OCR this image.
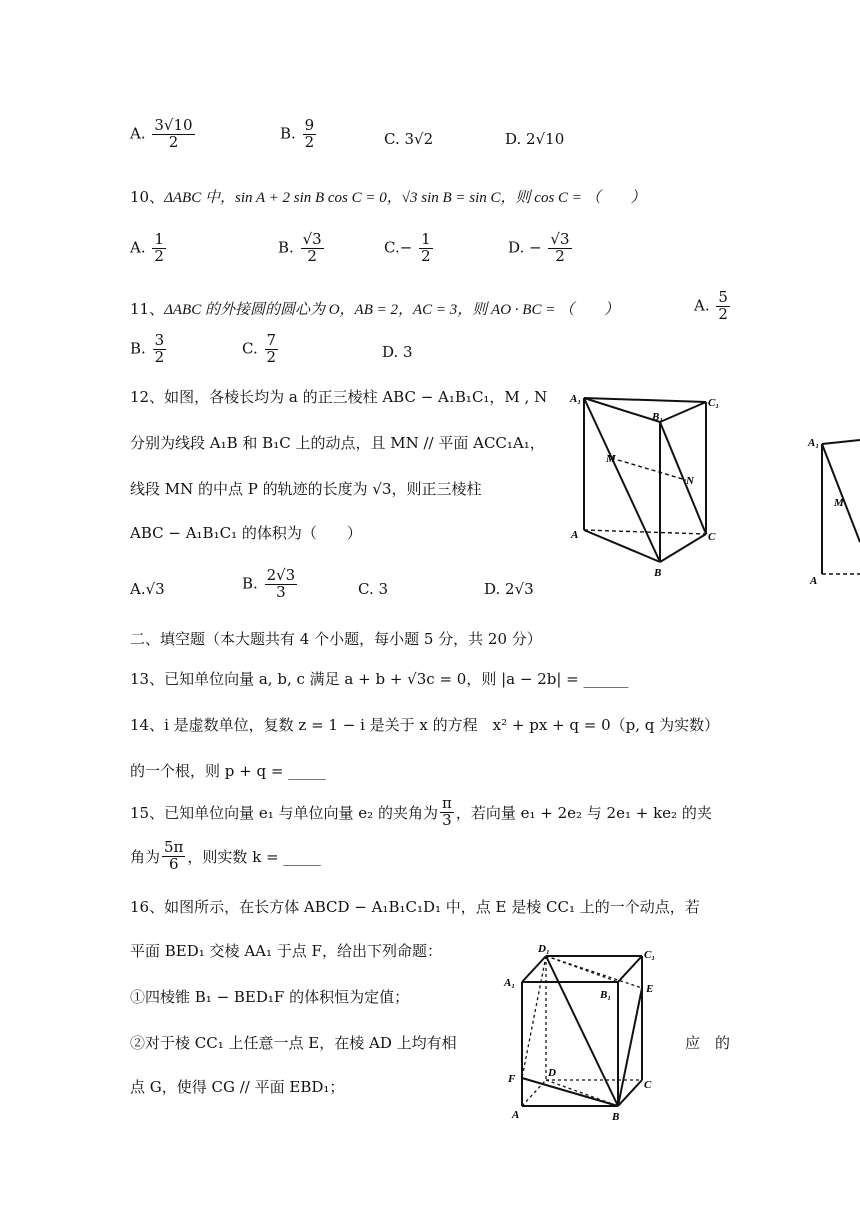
A. $\frac{3√10}{2}$	B. $\frac{9}{2}$	C. 3√2	D. 2√10
10、ΔABC 中，sin A + 2 sin B cos C = 0，√3 sin B = sin C，则 cos C = （　　）
A. $\frac{1}{2}$	B. $\frac{√3}{2}$	$C.- \frac{1}{2}$	D. − $\frac{√3}{2}$
11、ΔABC 的外接圆的圆心为 O，AB = 2，AC = 3，则 AO · BC = （　　）	A. $\frac{5}{2}$
B. $\frac{3}{2}$	C. $\frac{7}{2}$	D. 3
12、如图，各棱长均为 a 的正三棱柱 ABC − A₁B₁C₁，M , N
分别为线段 A₁B 和 B₁C 上的动点，且 MN // 平面 ACC₁A₁，
线段 MN 的中点 P 的轨迹的长度为 √3，则正三棱柱
ABC − A₁B₁C₁ 的体积为（　　）
A₁
B₁
C₁
M
N
A
B
C
A₁
M
A
A.√3	B. $\frac{2√3}{3}$	C. 3	D. 2√3
二、填空题（本大题共有 4 个小题，每小题 5 分，共 20 分）
13、已知单位向量 a, b, c 满足 a + b + √3c = 0，则 |a − 2b| = ______
14、i 是虚数单位，复数 z = 1 − i 是关于 x 的方程　x² + px + q = 0（p, q 为实数）
的一个根，则 p + q = _____
15、 已知单位向量 e₁ 与单位向量 e₂ 的夹角为 $\frac{\pi}{3}$ ，若向量 e₁ + 2e₂ 与 2e₁ + ke₂ 的夹
角为 $\frac{5\pi}{6}$ ，则实数 k = _____
16、如图所示，在长方体 ABCD − A₁B₁C₁D₁ 中，点 E 是棱 CC₁ 上的一个动点，若
平面 BED₁ 交棱 AA₁ 于点 F，给出下列命题：
①四棱锥 B₁ − BED₁F 的体积恒为定值；
②对于棱 CC₁ 上任意一点 E，在棱 AD 上均有相	应　的
点 G，使得 CG // 平面 EBD₁；
D₁	C₁
A₁
B₁	E
F	D
C
A	B
